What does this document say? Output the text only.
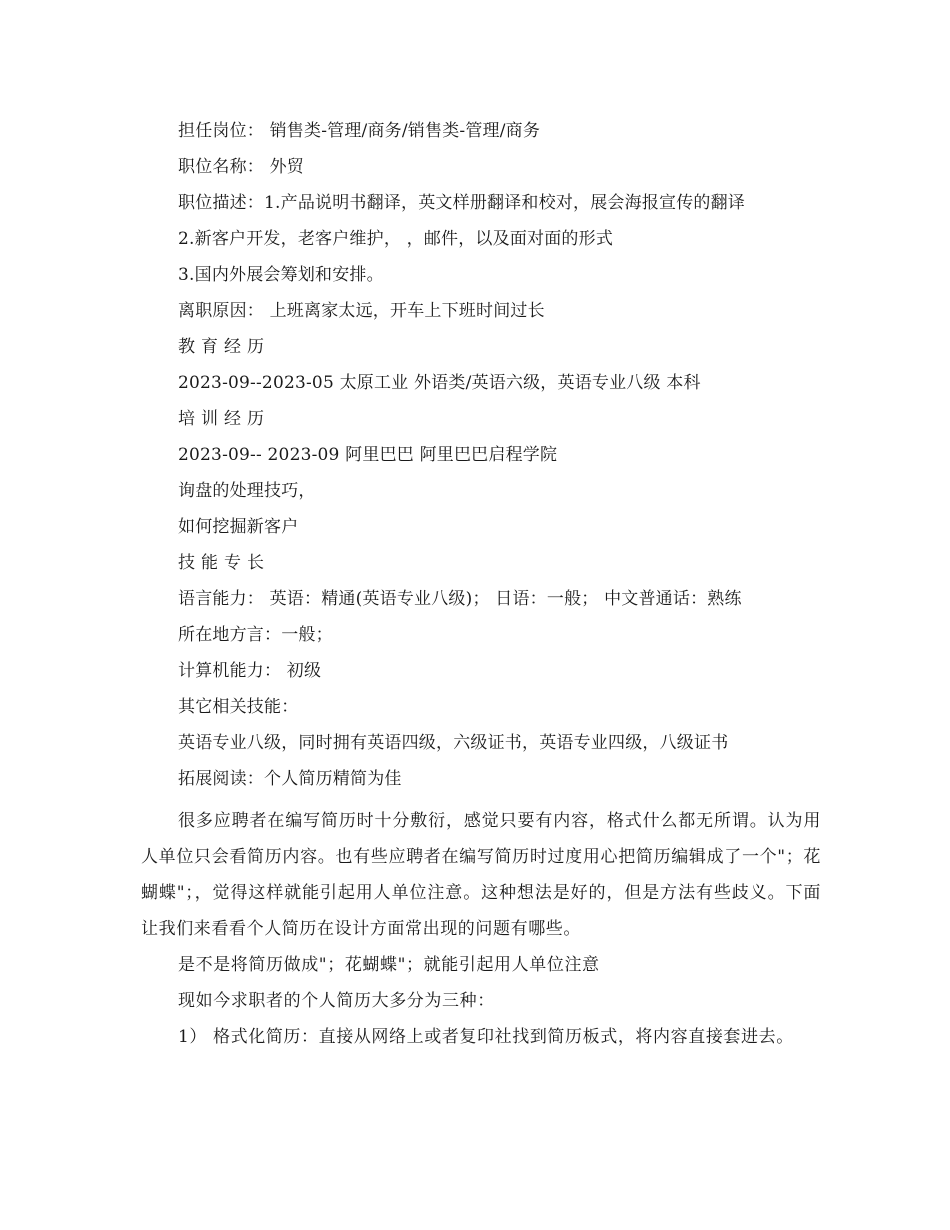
担任岗位： 销售类-管理/商务/销售类-管理/商务
职位名称： 外贸
职位描述：1.产品说明书翻译，英文样册翻译和校对，展会海报宣传的翻译
2.新客户开发，老客户维护， ，邮件，以及面对面的形式
3.国内外展会筹划和安排。
离职原因： 上班离家太远，开车上下班时间过长
教育经历
2023-09--2023-05 太原工业 外语类/英语六级，英语专业八级 本科
培训经历
2023-09-- 2023-09 阿里巴巴 阿里巴巴启程学院
询盘的处理技巧，
如何挖掘新客户
技能专长
语言能力： 英语：精通(英语专业八级)； 日语：一般； 中文普通话：熟练
所在地方言：一般；
计算机能力： 初级
其它相关技能：
英语专业八级，同时拥有英语四级，六级证书，英语专业四级，八级证书
拓展阅读：个人简历精简为佳
很多应聘者在编写简历时十分敷衍，感觉只要有内容，格式什么都无所谓。认为用人单位只会看简历内容。也有些应聘者在编写简历时过度用心把简历编辑成了一个"；花蝴蝶"；，觉得这样就能引起用人单位注意。这种想法是好的，但是方法有些歧义。下面让我们来看看个人简历在设计方面常出现的问题有哪些。
是不是将简历做成"；花蝴蝶"；就能引起用人单位注意
现如今求职者的个人简历大多分为三种：
1） 格式化简历：直接从网络上或者复印社找到简历板式，将内容直接套进去。
